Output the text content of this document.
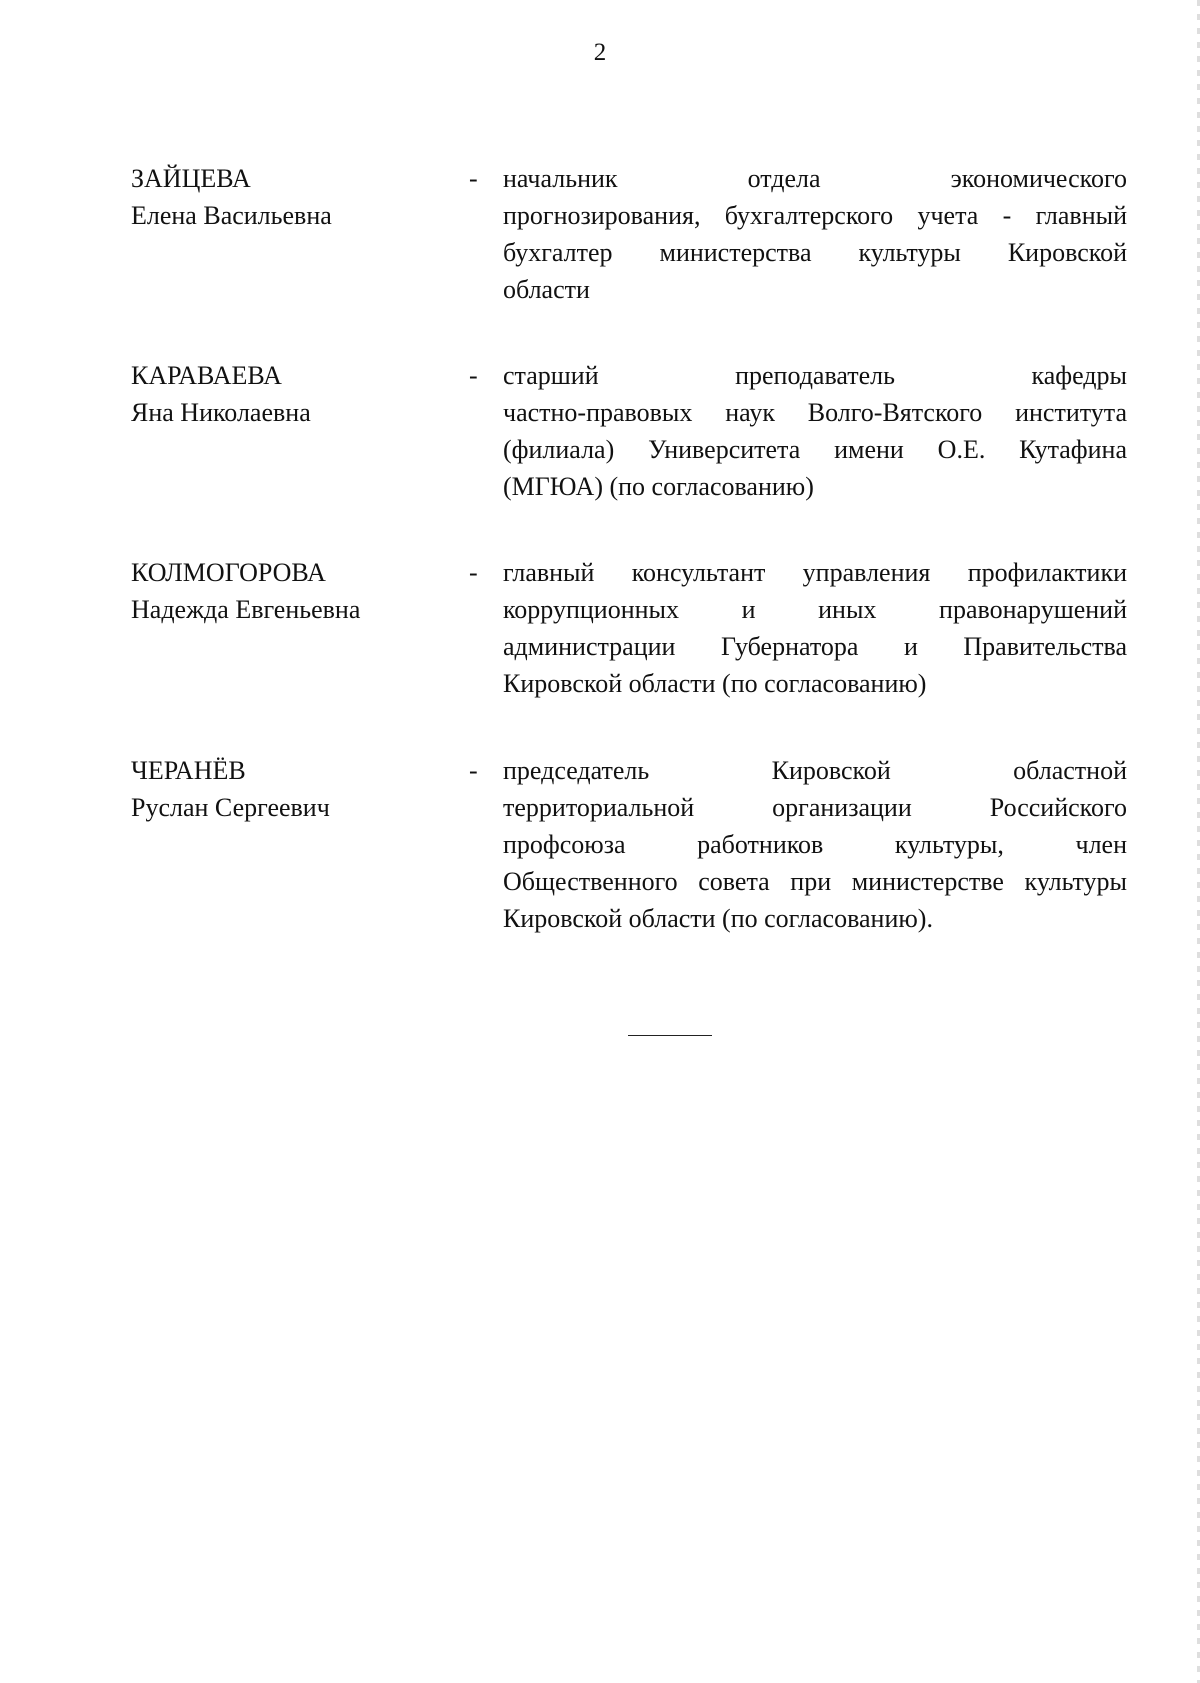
2
ЗАЙЦЕВА
Елена Васильевна
- начальник отдела экономического
прогнозирования, бухгалтерского учета - главный
бухгалтер министерства культуры Кировской
области
КАРАВАЕВА
Яна Николаевна
- старший преподаватель кафедры
частно-правовых наук Волго-Вятского института
(филиала) Университета имени О.Е. Кутафина
(МГЮА) (по согласованию)
КОЛМОГОРОВА
Надежда Евгеньевна
- главный консультант управления профилактики
коррупционных и иных правонарушений
администрации Губернатора и Правительства
Кировской области (по согласованию)
ЧЕРАНЁВ
Руслан Сергеевич
- председатель Кировской областной
территориальной организации Российского
профсоюза работников культуры, член
Общественного совета при министерстве культуры
Кировской области (по согласованию).
